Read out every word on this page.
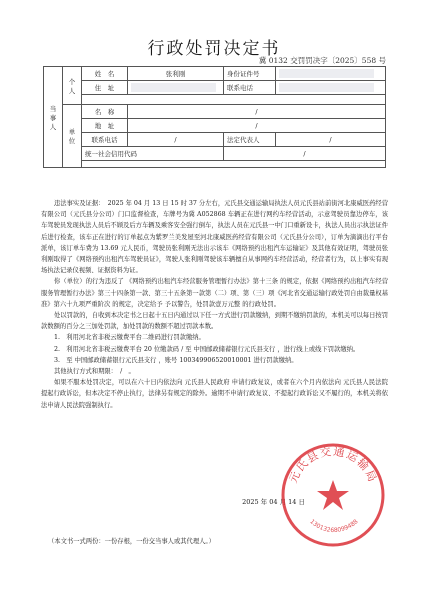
行政处罚决定书
冀 0132 交罚罚决字〔2025〕558 号
当事人	个人	姓　名	张利刚	身份证件号	
		住　址		联系电话	

	单位	名　称	/		
		地　址	/		
		联系电话	/	法定代表人	/
		统一社会信用代码		/	

违法事实及证据：　2025 年 04 月 13 日 15 时 37 分左右，元氏县交通运输局执法人员元氏县站前街河北康威医药经营有限公司（元氏县分公司）门口监督检查，车牌号为冀 A052868 车辆正在进行网约车经营活动，示意驾驶员靠边停车，该车驾驶员发现执法人员后不顾及后方车辆及乘客安全强行倒车，执法人员在元氏县一中门口重新设卡，执法人员出示执法证件后进行检查，该车正在进行的订单起点为紫罗兰美发屋至河北康威医药经营有限公司（元氏县分公司），订单为滴滴出行平台派单，该订单车费为 13.69 元人民币，驾驶员张利刚无法出示该车《网络预约出租汽车运输证》及其他有效证明，驾驶员张利刚取得了《网络预约出租汽车驾驶员证》，驾驶人张利刚驾驶该车辆擅自从事网约车经营活动，经营者行为，以上事实有现场执法记录仪视频、证据资料为证。

你（单位）的行为违反了 《网络预约出租汽车经营服务管理暂行办法》第十三条 的规定，依据《网络预约出租汽车经营服务管理暂行办法》第三十四条第一款、第三十五条第一款第（二）项、第（三）项《河北省交通运输行政处罚自由裁量权基准》第六十九项严重阶次 的规定，决定给予 予以警告，处罚款壹万元整 的行政处罚。

处以罚款的，自收到本决定书之日起十五日内通过以下任一方式进行罚款缴纳，到期不缴纳罚款的，本机关可以每日按罚款数额的百分之三加处罚款，加处罚款的数额不超过罚款本数。

1.　利用河北省非税云缴费平台二维码进行罚款缴纳。

2.　利用河北省非税云缴费平台 20 位缴款码 / 至 中国邮政储蓄银行元氏县支行 ，进行线上或线下罚款缴纳。

3.　至 中国邮政储蓄银行元氏县支行 ，账号 100349906520010001 进行罚款缴纳。

其他执行方式和期限：　/　。

如果不服本处罚决定，可以在六十日内依法向 元氏县人民政府 申请行政复议，或者在六个月内依法向 元氏县人民法院 提起行政诉讼，但本决定不停止执行，法律另有规定的除外。逾期不申请行政复议、不提起行政诉讼又不履行的，本机关将依法申请人民法院强制执行。

2025 年 04 月 14 日
元氏县交通运输局
13013268099488
（本文书一式两份：一份存根，一份交当事人或其代理人。）
